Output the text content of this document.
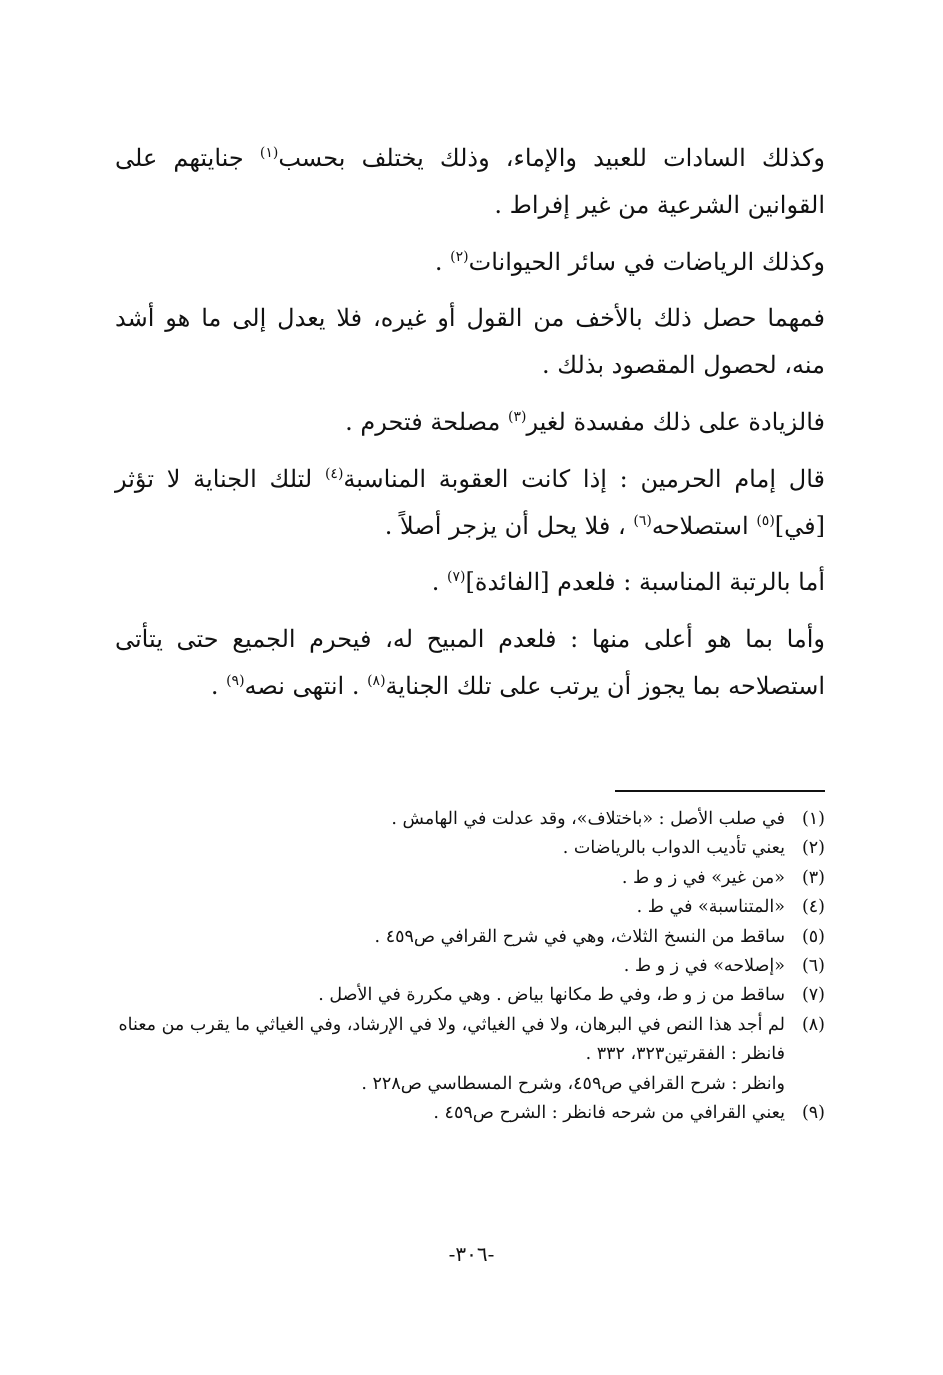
وكذلك السادات للعبيد والإماء، وذلك يختلف بحسب$^{(١)}$ جنايتهم على القوانين الشرعية من غير إفراط .

وكذلك الرياضات في سائر الحيوانات$^{(٢)}$ .

فمهما حصل ذلك بالأخف من القول أو غيره، فلا يعدل إلى ما هو أشد منه، لحصول المقصود بذلك .

فالزيادة على ذلك مفسدة لغير$^{(٣)}$ مصلحة فتحرم .

قال إمام الحرمين : إذا كانت العقوبة المناسبة$^{(٤)}$ لتلك الجناية لا تؤثر [في]$^{(٥)}$ استصلاحه$^{(٦)}$ ، فلا يحل أن يزجر أصلاً .

أما بالرتبة المناسبة : فلعدم [الفائدة]$^{(٧)}$ .

وأما بما هو أعلى منها : فلعدم المبيح له، فيحرم الجميع حتى يتأتى استصلاحه بما يجوز أن يرتب على تلك الجناية$^{(٨)}$ . انتهى نصه$^{(٩)}$ .

(١)
في صلب الأصل : «باختلاف»، وقد عدلت في الهامش .
(٢)
يعني تأديب الدواب بالرياضات .
(٣)
«من غير» في ز و ط .
(٤)
«المتناسبة» في ط .
(٥)
ساقط من النسخ الثلاث، وهي في شرح القرافي ص٤٥٩ .
(٦)
«إصلاحه» في ز و ط .
(٧)
ساقط من ز و ط، وفي ط مكانها بياض . وهي مكررة في الأصل .
(٨)
لم أجد هذا النص في البرهان، ولا في الغياثي، ولا في الإرشاد، وفي الغياثي ما يقرب من معناه فانظر : الفقرتين٣٢٣، ٣٣٢ .
وانظر : شرح القرافي ص٤٥٩، وشرح المسطاسي ص٢٢٨ .
(٩)
يعني القرافي من شرحه فانظر : الشرح ص٤٥٩ .
-٣٠٦-
